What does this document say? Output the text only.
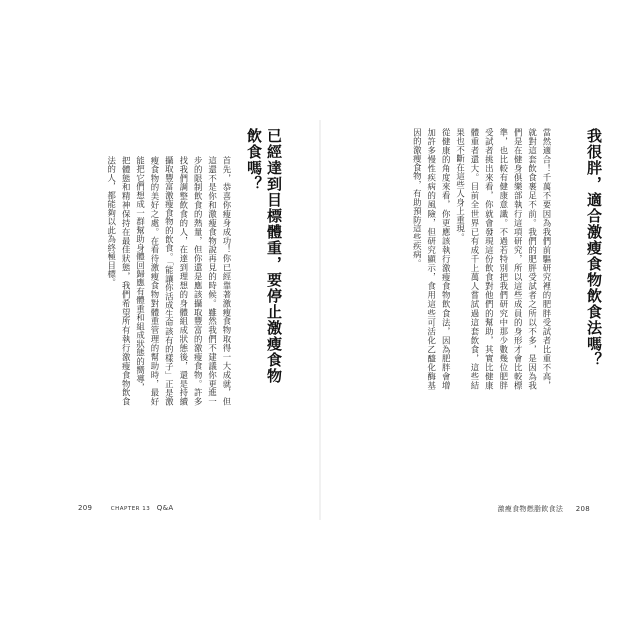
已經達到目標體重，要停止激瘦食物飲食嗎？

首先，恭喜你瘦身成功！你已經靠著激瘦食物取得一大成就，但這還不是你和激瘦食物說再見的時候。雖然我們不建議你更進一步的限制飲食的熱量，但你還是應該攝取豐富的激瘦食物。許多找我們調整飲食的人，在達到理想的身體組成狀態後，還是持續攝取豐富激瘦食物的飲食。「能讓你活成生命該有的樣子」正是激瘦食物的美好之處。在看待激瘦食物對體重管理的幫助時，最好能把它們想成一群幫助身體回歸應有體重和組成狀態的嚮導，

把體態和精神保持在最佳狀態，我們希望所有執行激瘦食物飲食法的人，都能夠以此為終極目標。

209	CHAPTER 13 Q&A
我很胖，適合激瘦食物飲食法嗎？

當然適合！千萬不要因為我們前驅研究裡的肥胖受試者比重不高，就對這套飲食裹足不前。我們的肥胖受試者之所以不多，是因為我們是在健身俱樂部執行這項研究，所以這些成員的身形才會比較標準，也比較有健康意識。不過若特別把我們研究中那少數幾位肥胖受試者挑出來看，你就會發現這份飲食對他們的幫助，其實比健康體重者還大。目前全世界已有成千上萬人嘗試過這套飲食，這些結果也不斷在這些人身上重現。

從健康的角度來看，你更應該執行激瘦食物飲食法，因為肥胖會增加許多慢性疾病的風險，但研究顯示，食用這些可活化乙醯化酶基因的激瘦食物，有助預防這些疾病。

激瘦食物燃脂飲食法 208
